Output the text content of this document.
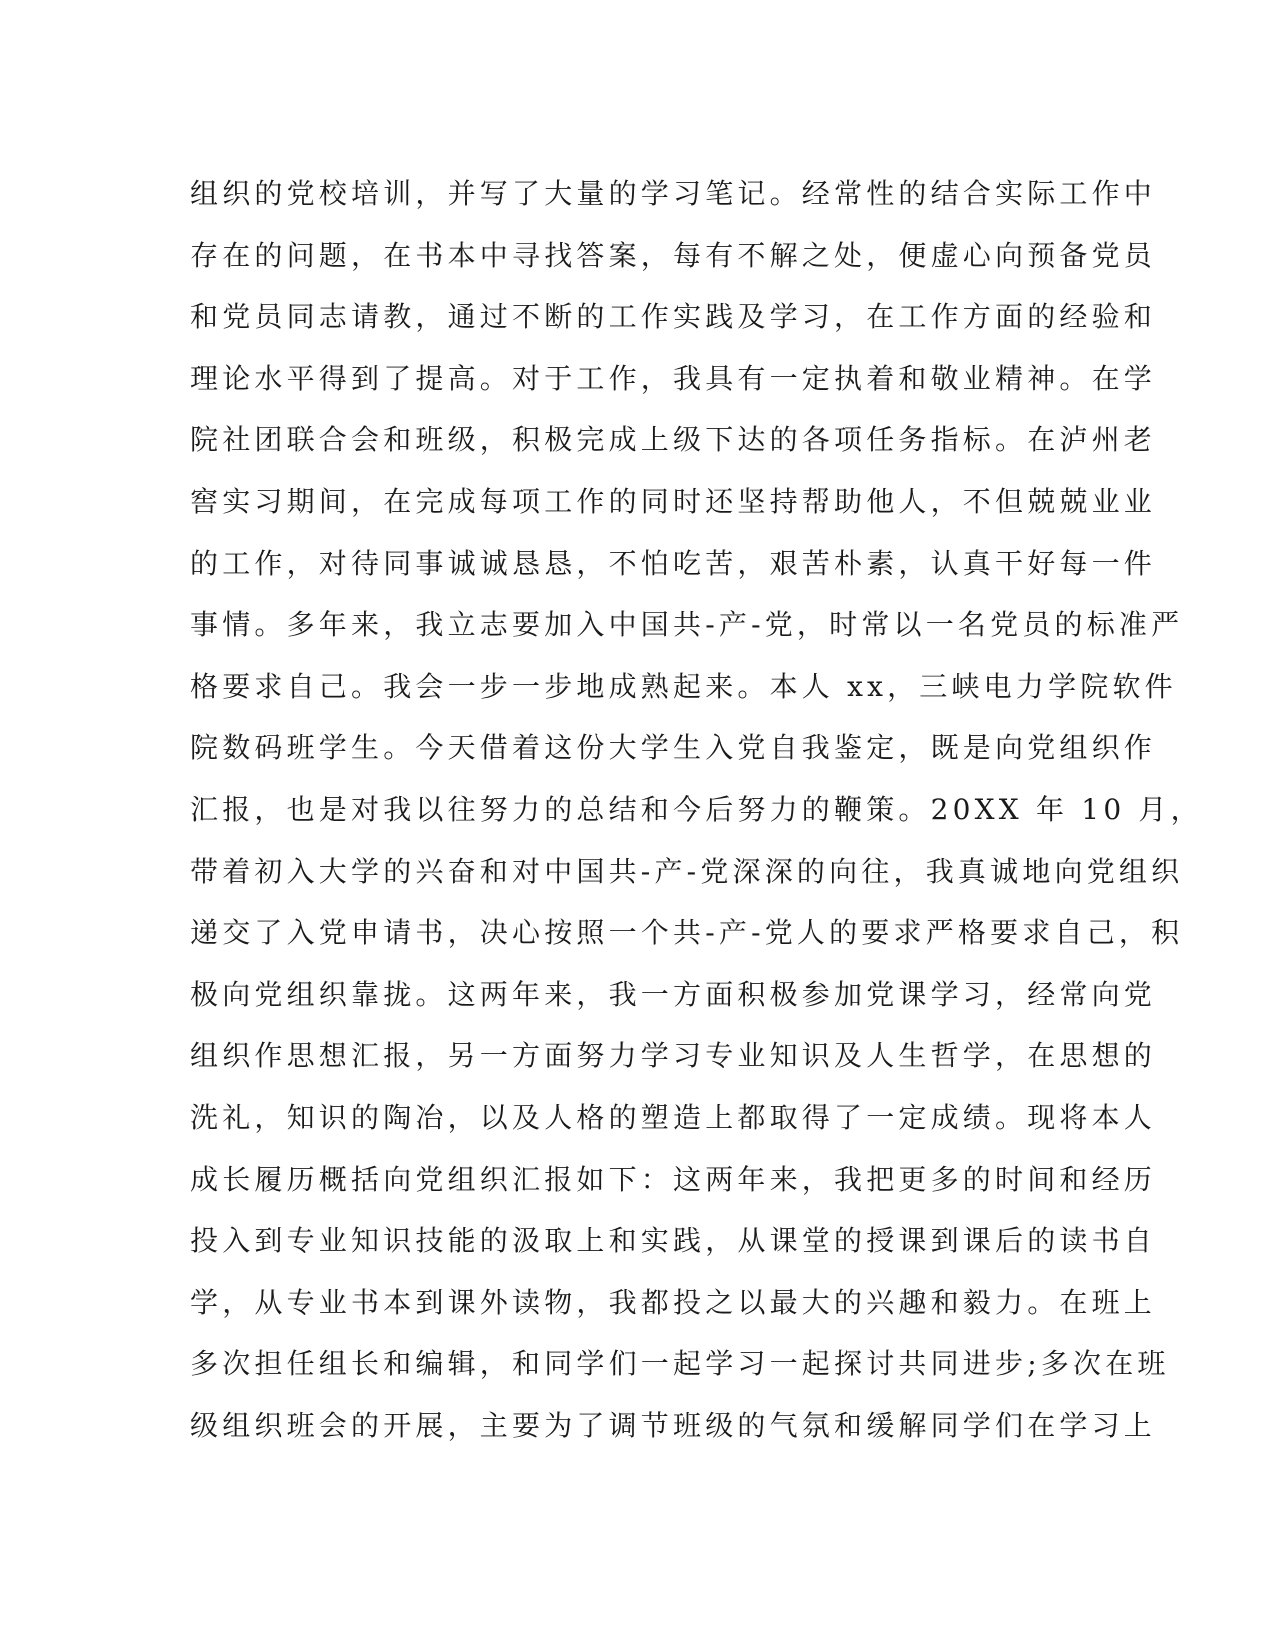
组织的党校培训，并写了大量的学习笔记。经常性的结合实际工作中
存在的问题，在书本中寻找答案，每有不解之处，便虚心向预备党员
和党员同志请教，通过不断的工作实践及学习，在工作方面的经验和
理论水平得到了提高。对于工作，我具有一定执着和敬业精神。在学
院社团联合会和班级，积极完成上级下达的各项任务指标。在泸州老
窖实习期间，在完成每项工作的同时还坚持帮助他人，不但兢兢业业
的工作，对待同事诚诚恳恳，不怕吃苦，艰苦朴素，认真干好每一件
事情。多年来，我立志要加入中国共-产-党，时常以一名党员的标准严
格要求自己。我会一步一步地成熟起来。本人 xx，三峡电力学院软件
院数码班学生。今天借着这份大学生入党自我鉴定，既是向党组织作
汇报，也是对我以往努力的总结和今后努力的鞭策。20XX 年 10 月，
带着初入大学的兴奋和对中国共-产-党深深的向往，我真诚地向党组织
递交了入党申请书，决心按照一个共-产-党人的要求严格要求自己，积
极向党组织靠拢。这两年来，我一方面积极参加党课学习，经常向党
组织作思想汇报，另一方面努力学习专业知识及人生哲学，在思想的
洗礼，知识的陶冶，以及人格的塑造上都取得了一定成绩。现将本人
成长履历概括向党组织汇报如下：这两年来，我把更多的时间和经历
投入到专业知识技能的汲取上和实践，从课堂的授课到课后的读书自
学，从专业书本到课外读物，我都投之以最大的兴趣和毅力。在班上
多次担任组长和编辑，和同学们一起学习一起探讨共同进步;多次在班
级组织班会的开展，主要为了调节班级的气氛和缓解同学们在学习上
